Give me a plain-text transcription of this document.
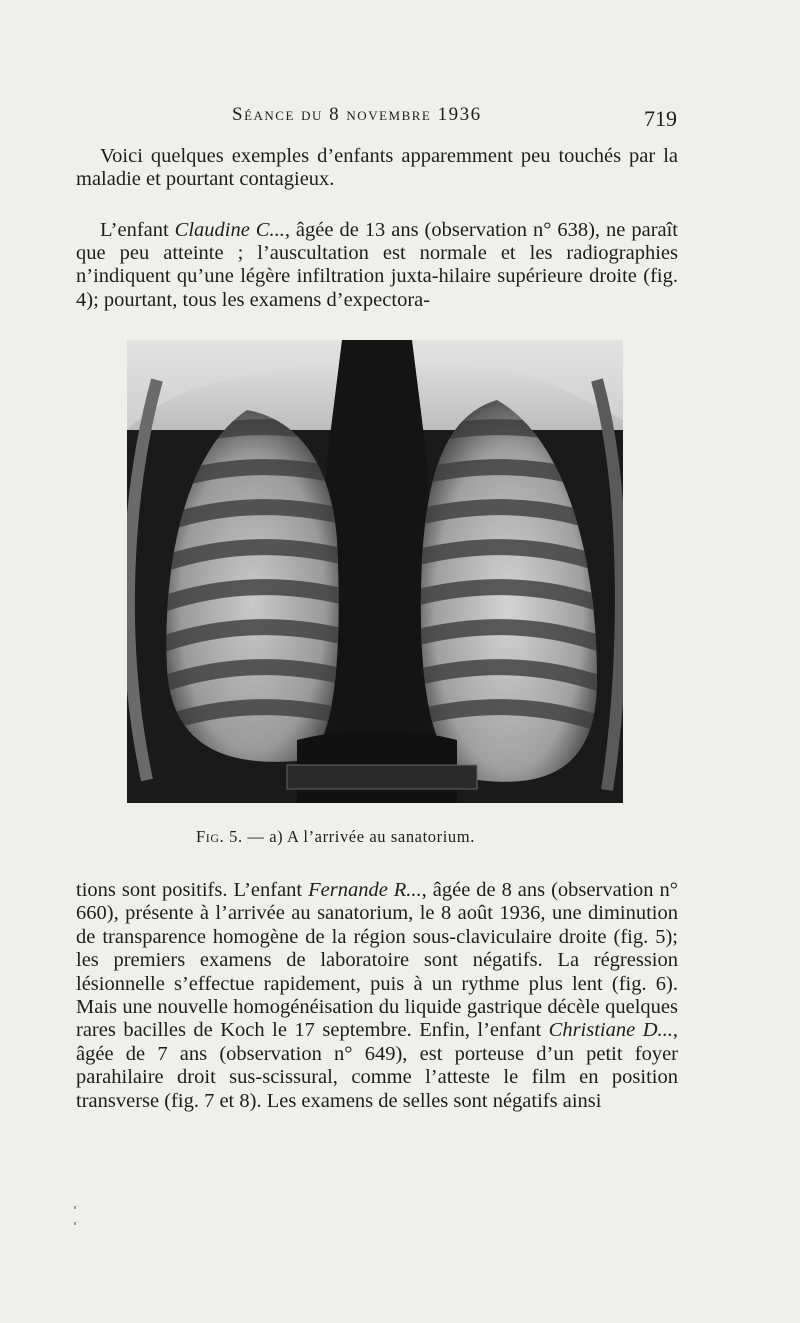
Séance du 8 novembre 1936	719

Voici quelques exemples d’enfants apparemment peu touchés par la maladie et pourtant contagieux.

L’enfant Claudine C..., âgée de 13 ans (observation n° 638), ne paraît que peu atteinte ; l’auscultation est normale et les radiographies n’indiquent qu’une légère infiltration juxta-hilaire supérieure droite (fig. 4); pourtant, tous les examens d’expectora-

Fig. 5. — a) A l’arrivée au sanatorium.

tions sont positifs. L’enfant Fernande R..., âgée de 8 ans (observation n° 660), présente à l’arrivée au sanatorium, le 8 août 1936, une diminution de transparence homogène de la région sous-claviculaire droite (fig. 5); les premiers examens de laboratoire sont négatifs. La régression lésionnelle s’effectue rapidement, puis à un rythme plus lent (fig. 6). Mais une nouvelle homogénéisation du liquide gastrique décèle quelques rares bacilles de Koch le 17 septembre. Enfin, l’enfant Christiane D..., âgée de 7 ans (observation n° 649), est porteuse d’un petit foyer parahilaire droit sus-scissural, comme l’atteste le film en position transverse (fig. 7 et 8). Les examens de selles sont négatifs ainsi
